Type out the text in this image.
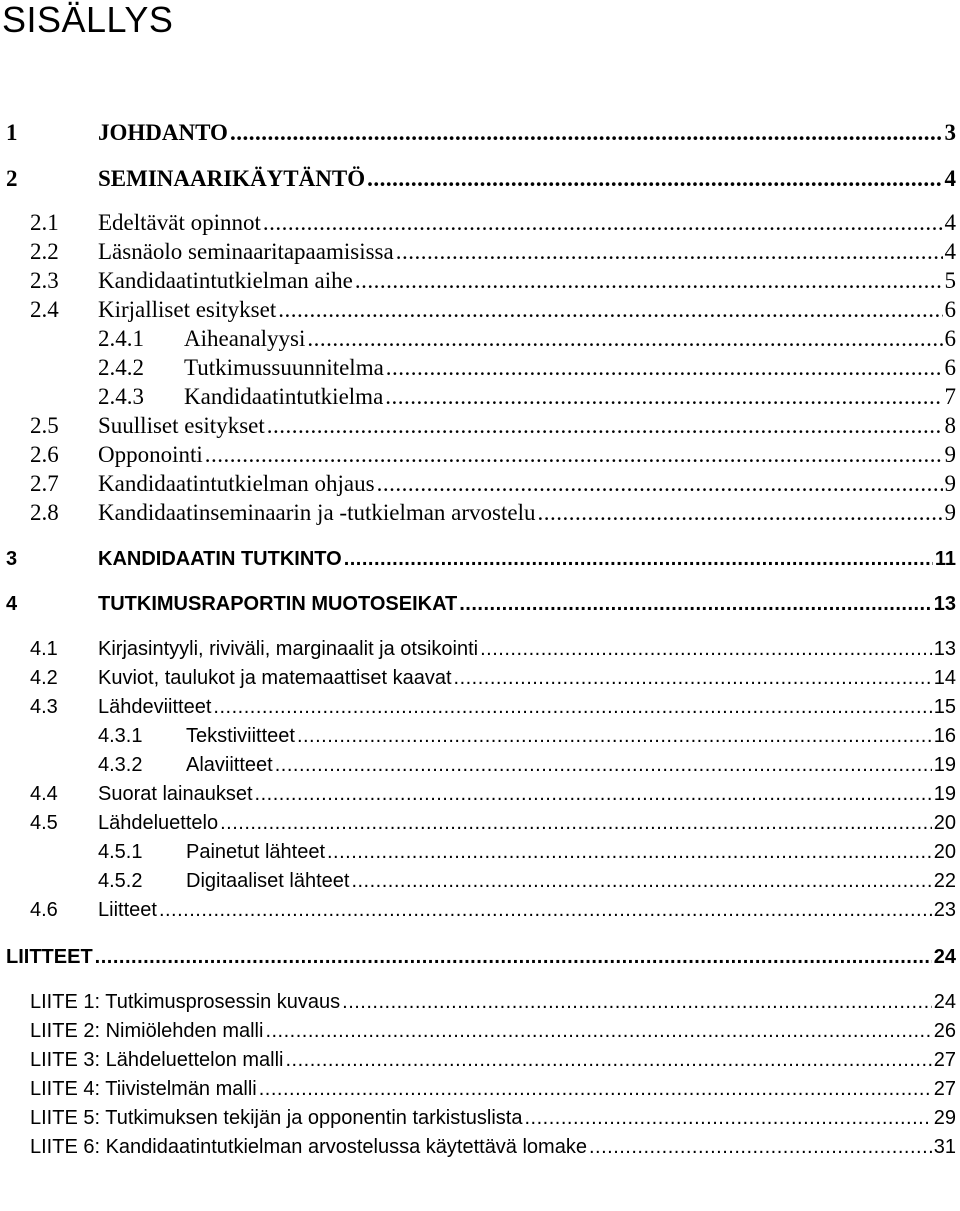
SISÄLLYS
1	JOHDANTO .....	3
2	SEMINAARIKÄYTÄNTÖ .....	4
2.1	Edeltävät opinnot .....	4
2.2	Läsnäolo seminaaritapaamisissa .....	4
2.3	Kandidaatintutkielman aihe .....	5
2.4	Kirjalliset esitykset .....	6
2.4.1	Aiheanalyysi .....	6
2.4.2	Tutkimussuunnitelma .....	6
2.4.3	Kandidaatintutkielma .....	7
2.5	Suulliset esitykset .....	8
2.6	Opponointi .....	9
2.7	Kandidaatintutkielman ohjaus .....	9
2.8	Kandidaatinseminaarin ja -tutkielman arvostelu .....	9
3	KANDIDAATIN TUTKINTO .....	11
4	TUTKIMUSRAPORTIN MUOTOSEIKAT .....	13
4.1	Kirjasintyyli, riviväli, marginaalit ja otsikointi .....	13
4.2	Kuviot, taulukot ja matemaattiset kaavat .....	14
4.3	Lähdeviitteet .....	15
4.3.1	Tekstiviitteet .....	16
4.3.2	Alaviitteet .....	19
4.4	Suorat lainaukset .....	19
4.5	Lähdeluettelo .....	20
4.5.1	Painetut lähteet .....	20
4.5.2	Digitaaliset lähteet .....	22
4.6	Liitteet .....	23
LIITTEET .....	24
LIITE 1: Tutkimusprosessin kuvaus .....	24
LIITE 2: Nimiölehden malli .....	26
LIITE 3: Lähdeluettelon malli .....	27
LIITE 4: Tiivistelmän malli .....	27
LIITE 5: Tutkimuksen tekijän ja opponentin tarkistuslista .....	29
LIITE 6: Kandidaatintutkielman arvostelussa käytettävä lomake .....	31
